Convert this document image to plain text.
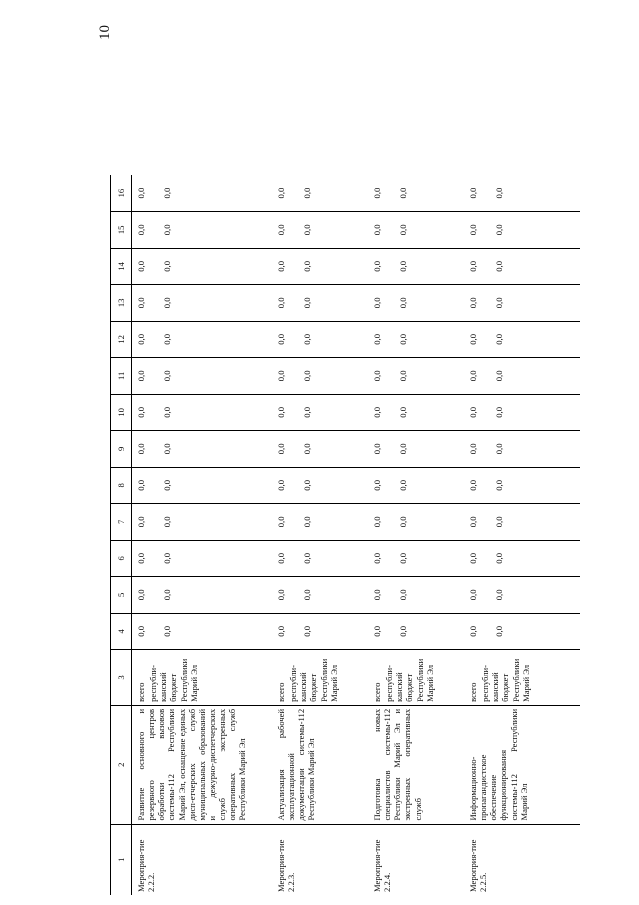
10
1	2	3	4	5	6	7	8	9	10	11	12	13	14	15	16
Мероприя-тие 2.2.2.	Развитие основного и резервного центров обработки вызовов системы-112 Республики Марий Эл, оснащение единых дисп-етчерских служб муниципальных образований и дежурно-диспетчерских служб экстренных оперативных служб Республики Марий Эл	всего республи-канский бюджет Республики Марий Эл	0,0 0,0	0,0 0,0	0,0 0,0	0,0 0,0	0,0 0,0	0,0 0,0	0,0 0,0	0,0 0,0	0,0 0,0	0,0 0,0	0,0 0,0	0,0 0,0	0,0 0,0

Мероприя-тие 2.2.3.	Актуализация рабочей эксплуатационной документации системы-112 Республики Марий Эл	всего республи-канский бюджет Республики Марий Эл	0,0 0,0	0,0 0,0	0,0 0,0	0,0 0,0	0,0 0,0	0,0 0,0	0,0 0,0	0,0 0,0	0,0 0,0	0,0 0,0	0,0 0,0	0,0 0,0	0,0 0,0

Мероприя-тие 2.2.4.	Подготовка новых специалистов системы-112 Республики Марий Эл и экстренных оперативных служб	всего республи-канский бюджет Республики Марий Эл	0,0 0,0	0,0 0,0	0,0 0,0	0,0 0,0	0,0 0,0	0,0 0,0	0,0 0,0	0,0 0,0	0,0 0,0	0,0 0,0	0,0 0,0	0,0 0,0	0,0 0,0

Мероприя-тие 2.2.5.	Информационно-пропагандистское обеспечение функционирования системы-112 Республики Марий Эл	всего республи-канский бюджет Республики Марий Эл	0,0 0,0	0,0 0,0	0,0 0,0	0,0 0,0	0,0 0,0	0,0 0,0	0,0 0,0	0,0 0,0	0,0 0,0	0,0 0,0	0,0 0,0	0,0 0,0	0,0 0,0
